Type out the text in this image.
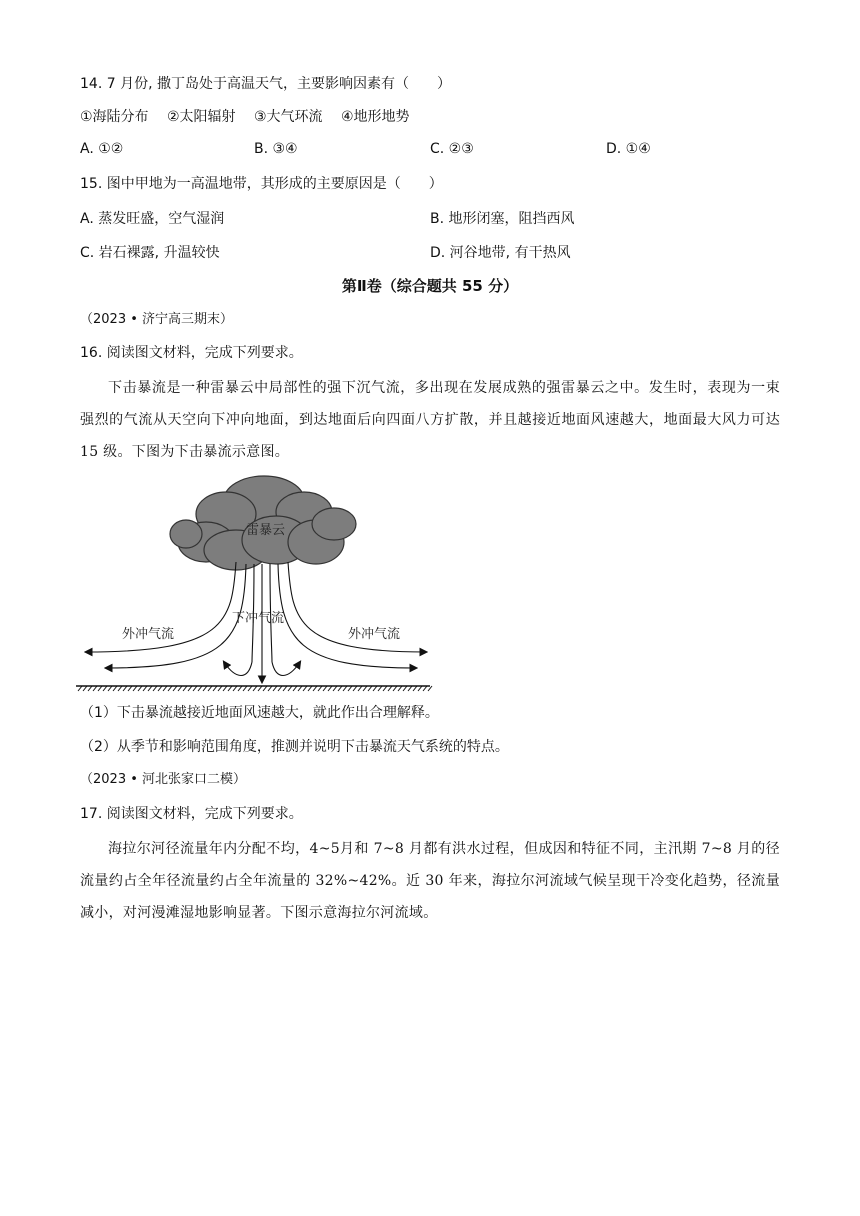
14. 7 月份, 撒丁岛处于高温天气，主要影响因素有（　　）
①海陆分布　 ②太阳辐射　 ③大气环流　 ④地形地势
A. ①②	B. ③④	C. ②③	D. ①④
15. 图中甲地为一高温地带，其形成的主要原因是（　　）
A. 蒸发旺盛，空气湿润	B. 地形闭塞，阻挡西风
C. 岩石裸露, 升温较快	D. 河谷地带, 有干热风
第Ⅱ卷（综合题共 55 分）
（2023 • 济宁高三期末）
16. 阅读图文材料，完成下列要求。
下击暴流是一种雷暴云中局部性的强下沉气流，多出现在发展成熟的强雷暴云之中。发生时，表现为一束强烈的气流从天空向下冲向地面，到达地面后向四面八方扩散，并且越接近地面风速越大，地面最大风力可达 15 级。下图为下击暴流示意图。
雷暴云
下冲气流
外冲气流	外冲气流
（1）下击暴流越接近地面风速越大，就此作出合理解释。
（2）从季节和影响范围角度，推测并说明下击暴流天气系统的特点。
（2023 • 河北张家口二模）
17. 阅读图文材料，完成下列要求。
海拉尔河径流量年内分配不均，4~5月和 7~8 月都有洪水过程，但成因和特征不同，主汛期 7~8 月的径流量约占全年径流量约占全年流量的 32%~42%。近 30 年来，海拉尔河流域气候呈现干冷变化趋势，径流量减小，对河漫滩湿地影响显著。下图示意海拉尔河流域。
